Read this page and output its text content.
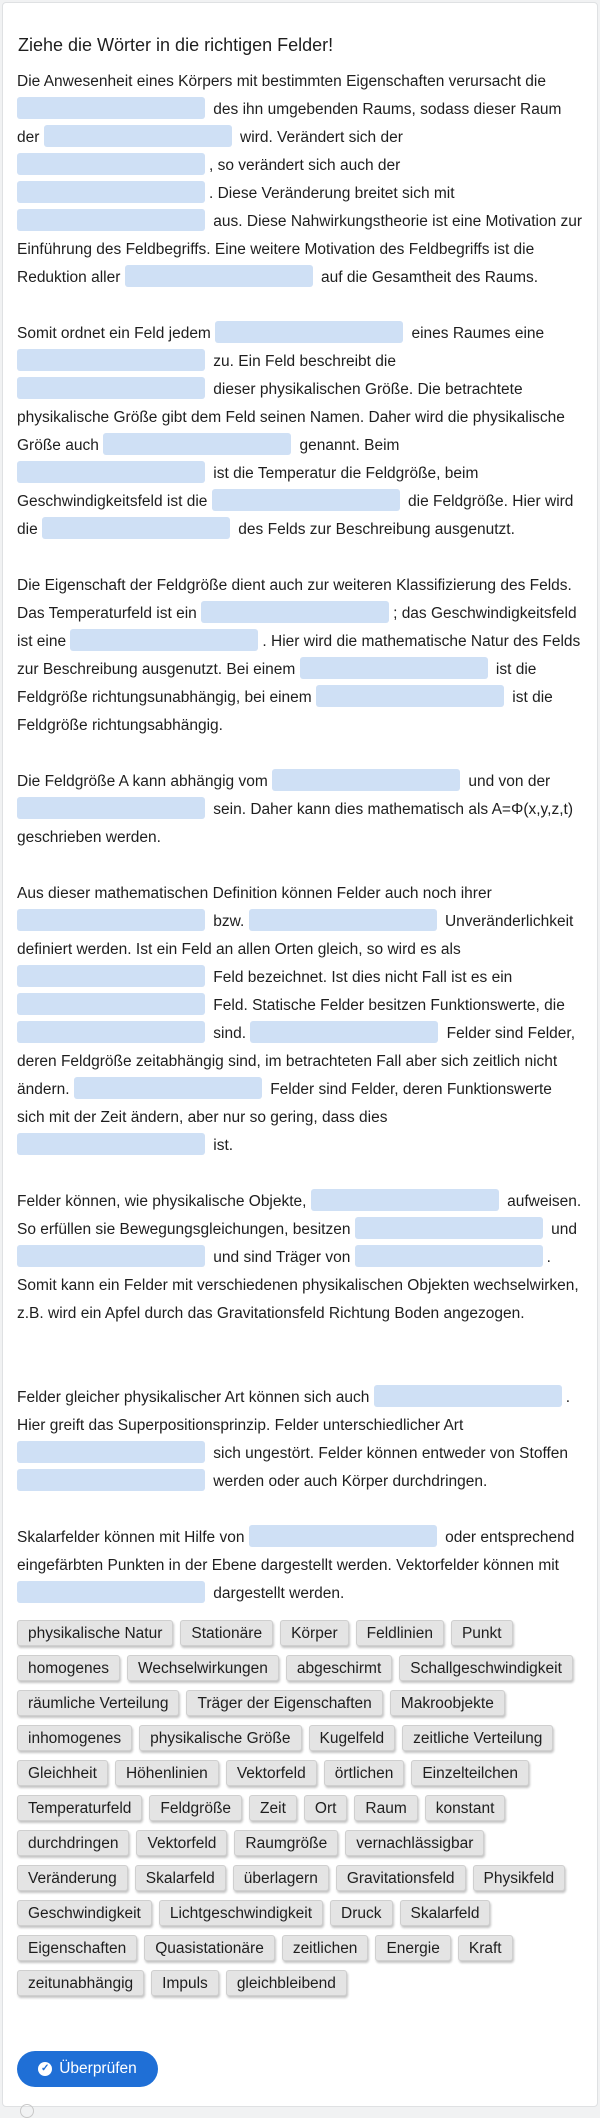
Ziehe die Wörter in die richtigen Felder!
Die Anwesenheit eines Körpers mit bestimmten Eigenschaften verursacht die  des ihn umgebenden Raums, sodass dieser Raum der	wird. Verändert sich der , so verändert sich auch der . Diese Veränderung breitet sich mit  aus. Diese Nahwirkungstheorie ist eine Motivation zur Einführung des Feldbegriffs. Eine weitere Motivation des Feldbegriffs ist die Reduktion aller	auf die Gesamtheit des Raums.
Somit ordnet ein Feld jedem	eines Raumes eine  zu. Ein Feld beschreibt die  dieser physikalischen Größe. Die betrachtete physikalische Größe gibt dem Feld seinen Namen. Daher wird die physikalische Größe auch	genannt. Beim  ist die Temperatur die Feldgröße, beim Geschwindigkeitsfeld ist die	die Feldgröße. Hier wird die	des Felds zur Beschreibung ausgenutzt.
Die Eigenschaft der Feldgröße dient auch zur weiteren Klassifizierung des Felds. Das Temperaturfeld ist ein	; das Geschwindigkeitsfeld ist eine	. Hier wird die mathematische Natur des Felds zur Beschreibung ausgenutzt. Bei einem	ist die Feldgröße richtungsunabhängig, bei einem	ist die Feldgröße richtungsabhängig.
Die Feldgröße A kann abhängig vom	und von der  sein. Daher kann dies mathematisch als A=Φ(x,y,z,t) geschrieben werden.
Aus dieser mathematischen Definition können Felder auch noch ihrer  bzw.	Unveränderlichkeit definiert werden. Ist ein Feld an allen Orten gleich, so wird es als  Feld bezeichnet. Ist dies nicht Fall ist es ein  Feld. Statische Felder besitzen Funktionswerte, die  sind.	Felder sind Felder, deren Feldgröße zeitabhängig sind, im betrachteten Fall aber sich zeitlich nicht ändern.	Felder sind Felder, deren Funktionswerte sich mit der Zeit ändern, aber nur so gering, dass dies  ist.
Felder können, wie physikalische Objekte,	aufweisen. So erfüllen sie Bewegungsgleichungen, besitzen	und  und sind Träger von	. Somit kann ein Felder mit verschiedenen physikalischen Objekten wechselwirken, z.B. wird ein Apfel durch das Gravitationsfeld Richtung Boden angezogen.
Felder gleicher physikalischer Art können sich auch	. Hier greift das Superpositionsprinzip. Felder unterschiedlicher Art  sich ungestört. Felder können entweder von Stoffen  werden oder auch Körper durchdringen.
Skalarfelder können mit Hilfe von	oder entsprechend eingefärbten Punkten in der Ebene dargestellt werden. Vektorfelder können mit  dargestellt werden.
physikalische Natur Stationäre Körper Feldlinien Punkthomogenes Wechselwirkungen abgeschirmt Schallgeschwindigkeiträumliche Verteilung Träger der Eigenschaften Makroobjekteinhomogenes physikalische Größe Kugelfeld zeitliche VerteilungGleichheit Höhenlinien Vektorfeld örtlichen EinzelteilchenTemperaturfeld Feldgröße Zeit Ort Raum konstantdurchdringen Vektorfeld Raumgröße vernachlässigbarVeränderung Skalarfeld überlagern Gravitationsfeld PhysikfeldGeschwindigkeit Lichtgeschwindigkeit Druck SkalarfeldEigenschaften Quasistationäre zeitlichen Energie Kraftzeitunabhängig Impuls gleichbleibend
✓ Überprüfen
